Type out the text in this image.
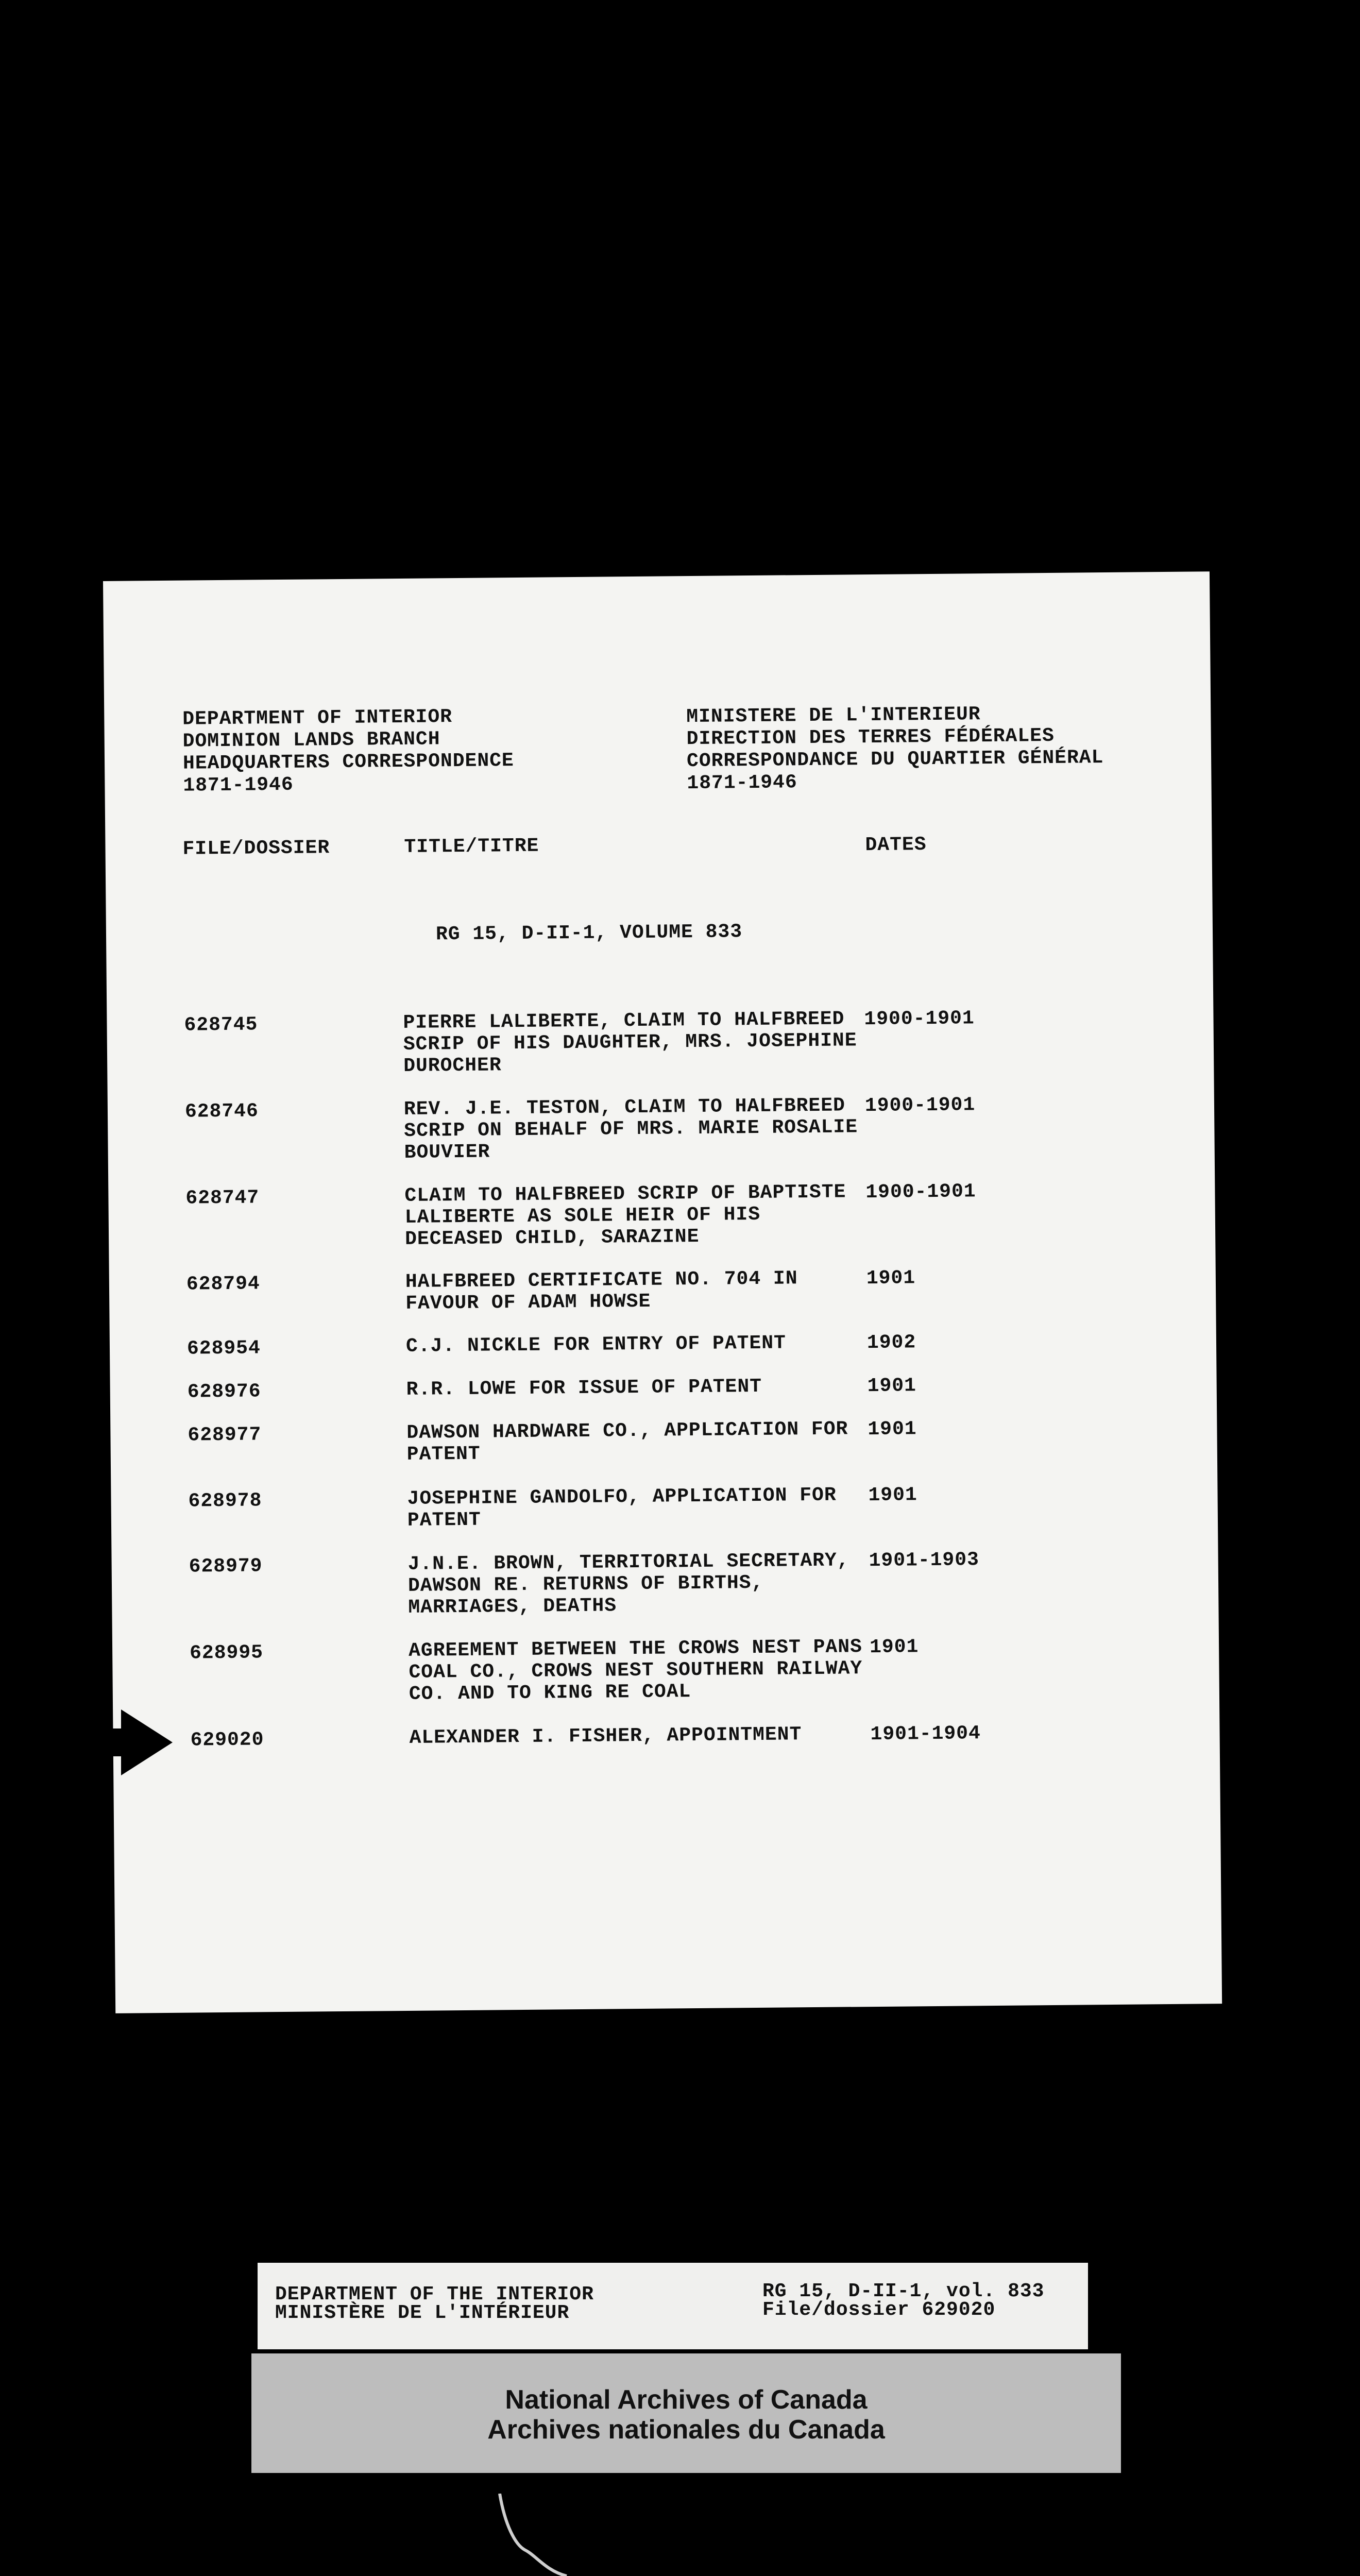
DEPARTMENT OF INTERIOR
DOMINION LANDS BRANCH
HEADQUARTERS CORRESPONDENCE
1871-1946
MINISTERE DE L'INTERIEUR
DIRECTION DES TERRES FÉDÉRALES
CORRESPONDANCE DU QUARTIER GÉNÉRAL
1871-1946
FILE/DOSSIER	TITLE/TITRE	DATES
RG 15, D-II-1, VOLUME 833
628745	PIERRE LALIBERTE, CLAIM TO HALFBREED SCRIP OF HIS DAUGHTER, MRS. JOSEPHINE DUROCHER
1900-1901
628746	REV. J.E. TESTON, CLAIM TO HALFBREED SCRIP ON BEHALF OF MRS. MARIE ROSALIE BOUVIER
1900-1901
628747	CLAIM TO HALFBREED SCRIP OF BAPTISTE LALIBERTE AS SOLE HEIR OF HIS DECEASED CHILD, SARAZINE
1900-1901
628794	HALFBREED CERTIFICATE NO. 704 IN FAVOUR OF ADAM HOWSE
1901
628954	C.J. NICKLE FOR ENTRY OF PATENT	1902
628976	R.R. LOWE FOR ISSUE OF PATENT	1901
628977	DAWSON HARDWARE CO., APPLICATION FOR PATENT
1901
628978	JOSEPHINE GANDOLFO, APPLICATION FOR PATENT
1901
628979	J.N.E. BROWN, TERRITORIAL SECRETARY, DAWSON RE. RETURNS OF BIRTHS, MARRIAGES, DEATHS
1901-1903
628995	AGREEMENT BETWEEN THE CROWS NEST PANS COAL CO., CROWS NEST SOUTHERN RAILWAY CO. AND TO KING RE COAL
1901
629020	ALEXANDER I. FISHER, APPOINTMENT	1901-1904
DEPARTMENT OF THE INTERIOR
MINISTÈRE DE L'INTÉRIEUR
RG 15, D-II-1, vol. 833
File/dossier 629020
National Archives of Canada
Archives nationales du Canada
